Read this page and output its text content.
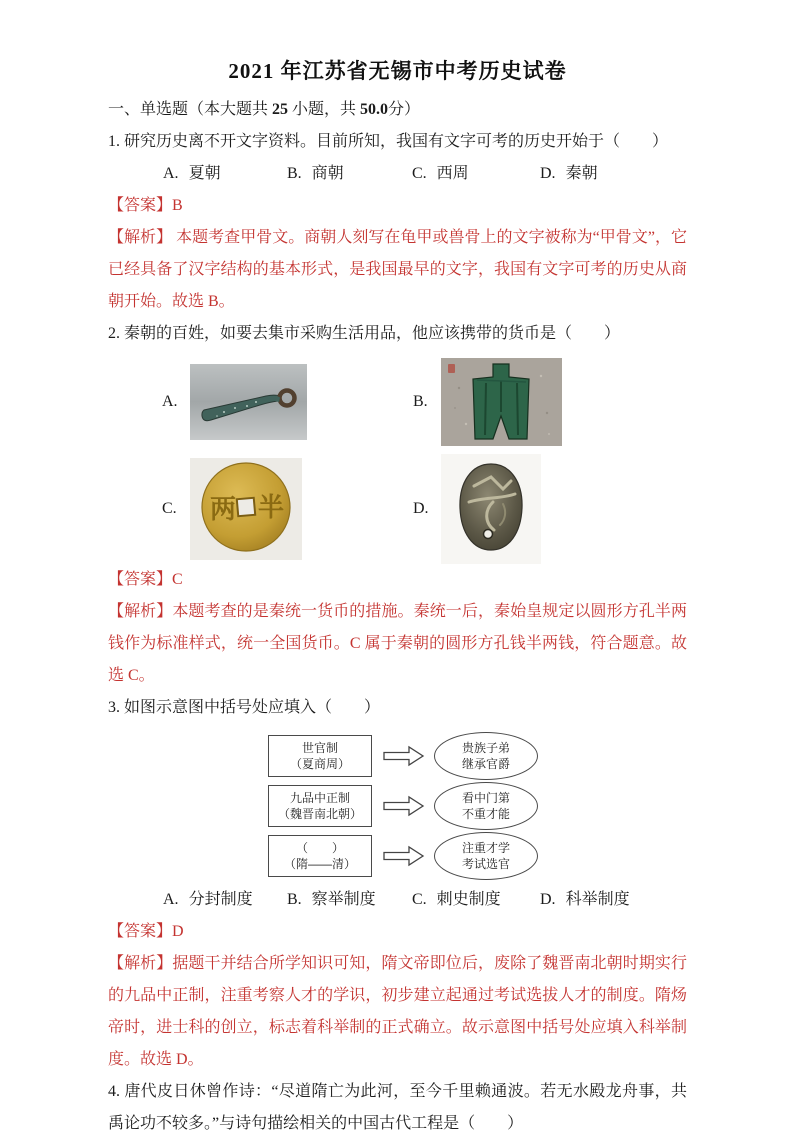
2021 年江苏省无锡市中考历史试卷

一、单选题（本大题共 25 小题，共 50.0分）

1. 研究历史离不开文字资料。目前所知，我国有文字可考的历史开始于（　　）

A. 夏朝	B. 商朝	C. 西周	D. 秦朝

【答案】B

【解析】 本题考查甲骨文。商朝人刻写在龟甲或兽骨上的文字被称为“甲骨文”，它已经具备了汉字结构的基本形式，是我国最早的文字，我国有文字可考的历史从商朝开始。故选 B。

2. 秦朝的百姓，如要去集市采购生活用品，他应该携带的货币是（　　）

A.	B.
C.	两 半	D.

【答案】C

【解析】本题考查的是秦统一货币的措施。秦统一后，秦始皇规定以圆形方孔半两钱作为标准样式，统一全国货币。C 属于秦朝的圆形方孔钱半两钱，符合题意。故选 C。

3. 如图示意图中括号处应填入（　　）

世官制
（夏商周）
贵族子弟
继承官爵
九品中正制
（魏晋南北朝）
看中门第
不重才能
（　　）
（隋——清）
注重才学
考试选官
A. 分封制度 B. 察举制度 C. 刺史制度 D. 科举制度

【答案】D

【解析】据题干并结合所学知识可知，隋文帝即位后，废除了魏晋南北朝时期实行的九品中正制，注重考察人才的学识，初步建立起通过考试选拔人才的制度。隋炀帝时，进士科的创立，标志着科举制的正式确立。故示意图中括号处应填入科举制度。故选 D。

4. 唐代皮日休曾作诗：“尽道隋亡为此河，至今千里赖通波。若无水殿龙舟事，共禹论功不较多。”与诗句描绘相关的中国古代工程是（　　）
